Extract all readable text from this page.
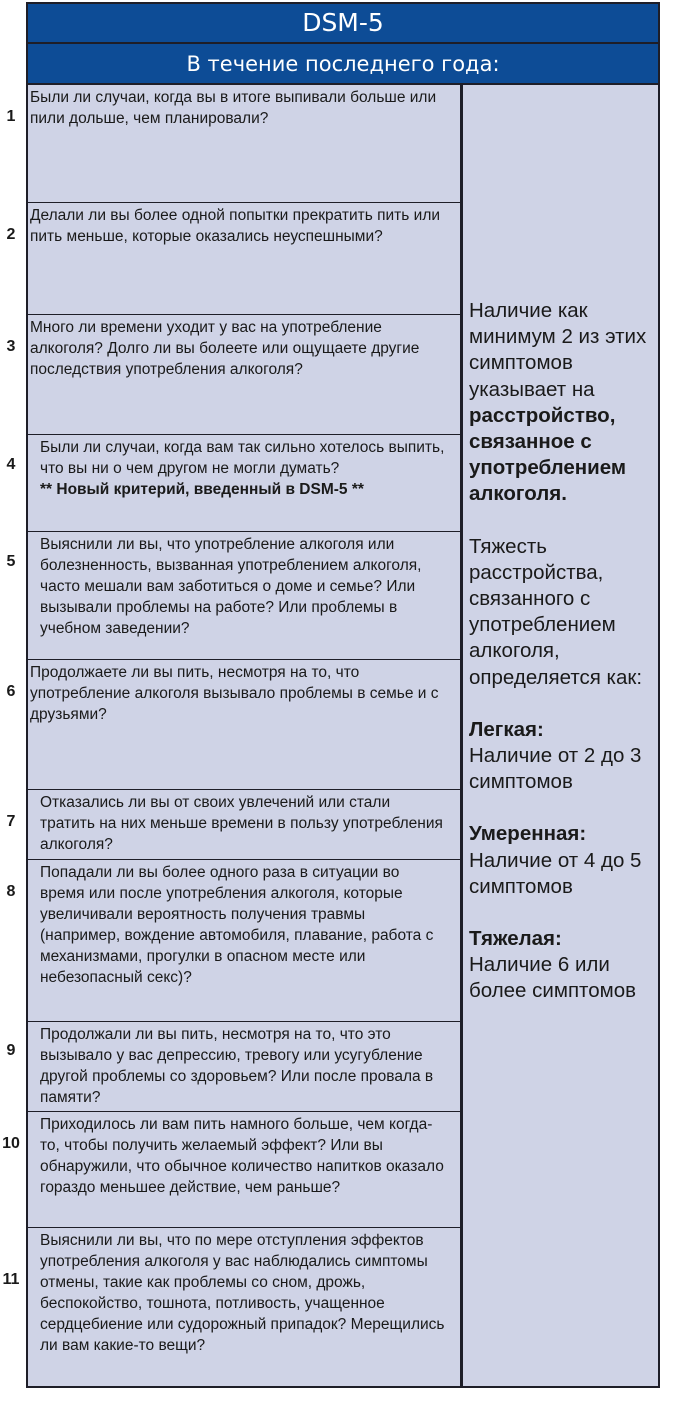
DSM-5
В течение последнего года:
Были ли случаи, когда вы в итоге выпивали больше или пили дольше, чем планировали?
Делали ли вы более одной попытки прекратить пить или пить меньше, которые оказались неуспешными?
Много ли времени уходит у вас на употребление алкоголя? Долго ли вы болеете или ощущаете другие последствия употребления алкоголя?
Были ли случаи, когда вам так сильно хотелось выпить, что вы ни о чем другом не могли думать?
** Новый критерий, введенный в DSM-5 **
Выяснили ли вы, что употребление алкоголя или болезненность, вызванная употреблением алкоголя, часто мешали вам заботиться о доме и семье? Или вызывали проблемы на работе? Или проблемы в учебном заведении?
Продолжаете ли вы пить, несмотря на то, что употребление алкоголя вызывало проблемы в семье и с друзьями?
Отказались ли вы от своих увлечений или стали тратить на них меньше времени в пользу употребления алкоголя?
Попадали ли вы более одного раза в ситуации во время или после употребления алкоголя, которые увеличивали вероятность получения травмы (например, вождение автомобиля, плавание, работа с механизмами, прогулки в опасном месте или небезопасный секс)?
Продолжали ли вы пить, несмотря на то, что это вызывало у вас депрессию, тревогу или усугубление другой проблемы со здоровьем? Или после провала в памяти?
Приходилось ли вам пить намного больше, чем когда-то, чтобы получить желаемый эффект? Или вы обнаружили, что обычное количество напитков оказало гораздо меньшее действие, чем раньше?
Выяснили ли вы, что по мере отступления эффектов употребления алкоголя у вас наблюдались симптомы отмены, такие как проблемы со сном, дрожь, беспокойство, тошнота, потливость, учащенное сердцебиение или судорожный припадок? Мерещились ли вам какие-то вещи?

Наличие как минимум 2 из этих симптомов указывает на

расстройство, связанное с употреблением алкоголя.

Тяжесть расстройства, связанного с употреблением алкоголя, определяется как:

Легкая:

Наличие от 2 до 3 симптомов

Умеренная:

Наличие от 4 до 5 симптомов

Тяжелая:

Наличие 6 или более симптомов

1
2
3
4
5
6
7
8
9
10
11
